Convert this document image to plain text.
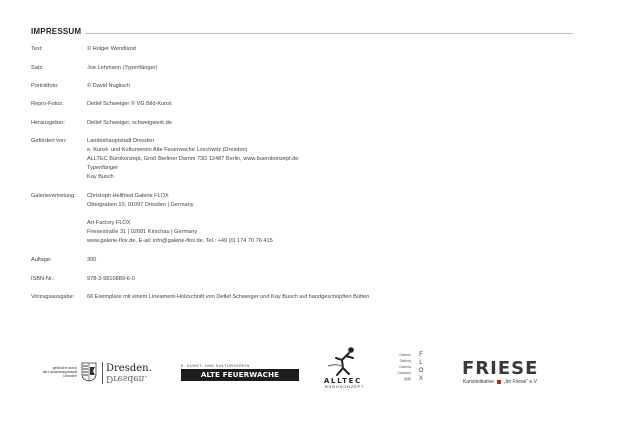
IMPRESSUM
Text:	© Holger Wendland
Satz:	Joe Lehmann (Typenfänger)
Porträtfoto:	© David Nuglisch
Repro-Fotos:	Detlef Schweiger © VG Bild-Kunst
Herausgeber:	Detlef Schweiger, schweigwerk.de
Gefördert von:	Landeshauptstadt Dresden
e. Kunst- und Kulturverein Alte Feuerwache Loschwitz (Dresden)
ALLTEC Bürokonzept, Groß Berliner Damm 73D 12487 Berlin, www.buerokonzept.de
Typenfänger
Kay Busch
Galerievertretung:	Christoph Hellfried Galerie FLOX
Obergraben 10, 01097 Dresden | Germany
Art Factory FLOX
Friesestraße 31 | 02681 Kirschau | Germany
www.galerie-flox.de, E-ail: info@galerie-flox.de, Tel.: +49 (0) 174 70 76 415
Auflage:	300
ISBN-Nr.:	978-3-9810889-6-0
Vorzugsausgabe:	66 Exemplare mit einem Lineament-Holzschnitt von Detlef Schweiger und Kay Busch auf handgeschöpften Bütten
gefördert durch
die Landeshauptstadt
Dresden
Dresden.
Dresden.
E. KUNST- UND KULTURVEREIN
ALTE FEUERWACHE LOSCHWITZ
ALLTEC
BÜROKONZEPT
Galerie
Gallery
Galería
Галерея
画廊
F
L
O
X FRIESE
Kunstinitiative „Im Friese“ e.V.
